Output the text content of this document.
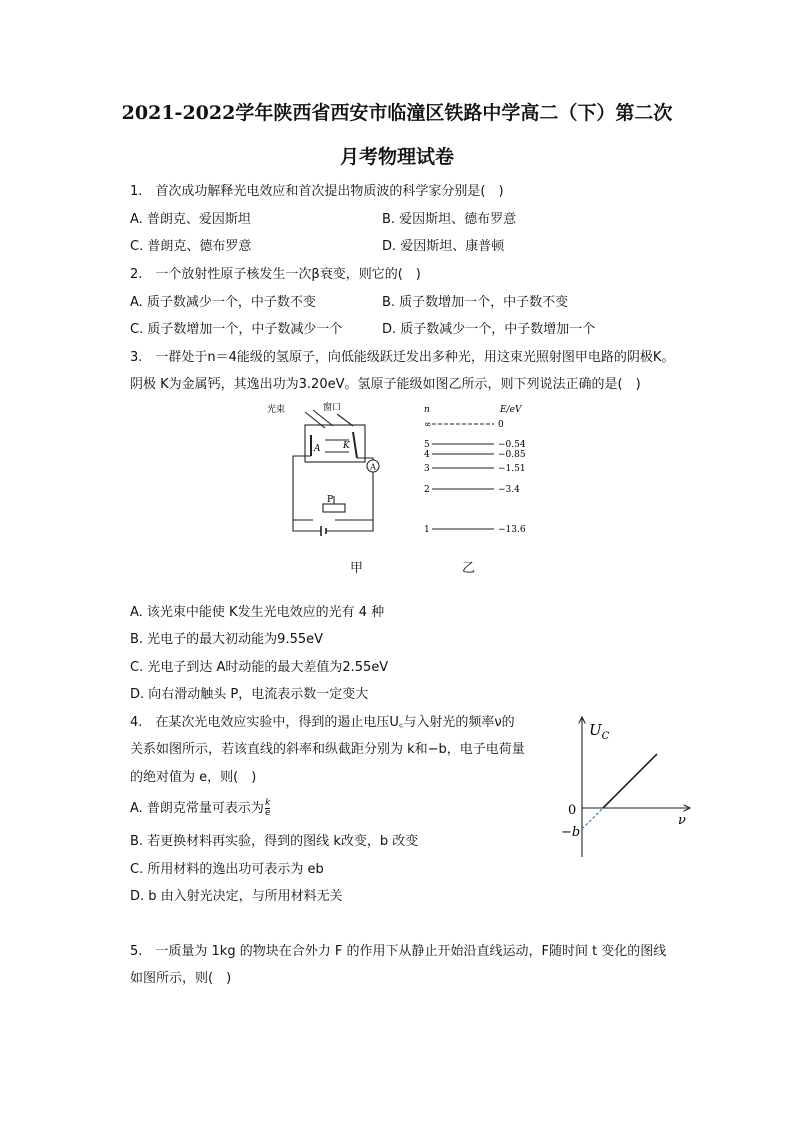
2021-2022学年陕西省西安市临潼区铁路中学高二（下）第二次
月考物理试卷
1.　首次成功解释光电效应和首次提出物质波的科学家分别是(　)
A. 普朗克、爱因斯坦	B. 爱因斯坦、德布罗意
C. 普朗克、德布罗意	D. 爱因斯坦、康普顿
2.　一个放射性原子核发生一次β衰变，则它的(　)
A. 质子数减少一个，中子数不变	B. 质子数增加一个，中子数不变
C. 质子数增加一个，中子数减少一个	D. 质子数减少一个，中子数增加一个
3.　一群处于n＝4能级的氢原子，向低能级跃迁发出多种光，用这束光照射图甲电路的阴极K。
阴极 K为金属钙，其逸出功为3.20eV。氢原子能级如图乙所示，则下列说法正确的是(　)
A
光束	窗口
A	K
P
n	E/eV
∞	0
5	−0.54
4	−0.85
3	−1.51
2	−3.4
1	−13.6
甲	乙
A. 该光束中能使 K发生光电效应的光有 4 种
B. 光电子的最大初动能为9.55eV
C. 光电子到达 A时动能的最大差值为2.55eV
D. 向右滑动触头 P，电流表示数一定变大
4.　在某次光电效应实验中，得到的遏止电压U꜀与入射光的频率ν的
关系如图所示，若该直线的斜率和纵截距分别为 k和−b，电子电荷量
的绝对值为 e，则(　)
A. 普朗克常量可表示为 $\frac{k}{e}$
B. 若更换材料再实验，得到的图线 k改变，b 改变
C. 所用材料的逸出功可表示为 eb
D. b 由入射光决定，与所用材料无关
$U_C$
0
ν
−b
5.　一质量为 1kg 的物块在合外力 F 的作用下从静止开始沿直线运动，F随时间 t 变化的图线
如图所示，则(　)
